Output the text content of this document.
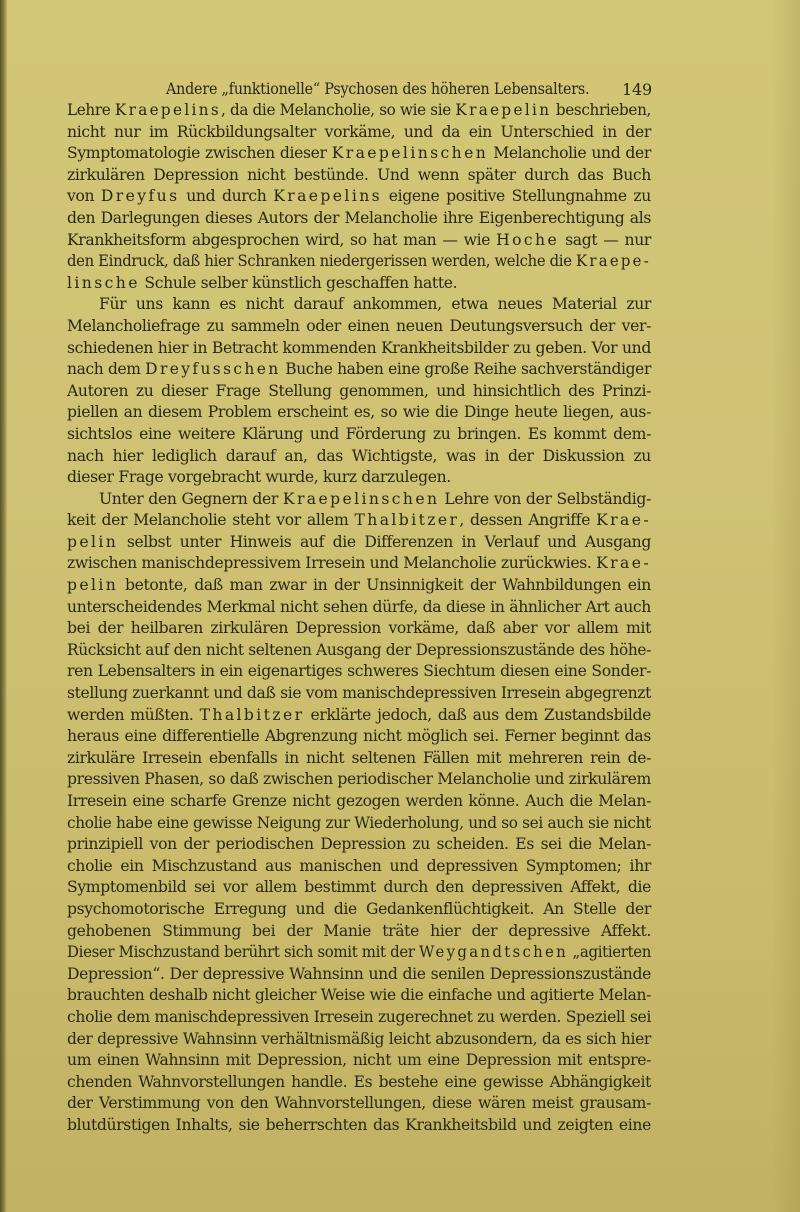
Andere „funktionelle“ Psychosen des höheren Lebensalters. 149
Lehre Kraepelins, da die Melancholie, so wie sie Kraepelin beschrieben,
nicht nur im Rückbildungsalter vorkäme, und da ein Unterschied in der
Symptomatologie zwischen dieser Kraepelinschen Melancholie und der
zirkulären Depression nicht bestünde. Und wenn später durch das Buch
von Dreyfus und durch Kraepelins eigene positive Stellungnahme zu
den Darlegungen dieses Autors der Melancholie ihre Eigenberechtigung als
Krankheitsform abgesprochen wird, so hat man — wie Hoche sagt — nur
den Eindruck, daß hier Schranken niedergerissen werden, welche die Kraepe-
linsche Schule selber künstlich geschaffen hatte.
Für uns kann es nicht darauf ankommen, etwa neues Material zur
Melancholiefrage zu sammeln oder einen neuen Deutungsversuch der ver-
schiedenen hier in Betracht kommenden Krankheitsbilder zu geben. Vor und
nach dem Dreyfusschen Buche haben eine große Reihe sachverständiger
Autoren zu dieser Frage Stellung genommen, und hinsichtlich des Prinzi-
piellen an diesem Problem erscheint es, so wie die Dinge heute liegen, aus-
sichtslos eine weitere Klärung und Förderung zu bringen. Es kommt dem-
nach hier lediglich darauf an, das Wichtigste, was in der Diskussion zu
dieser Frage vorgebracht wurde, kurz darzulegen.
Unter den Gegnern der Kraepelinschen Lehre von der Selbständig-
keit der Melancholie steht vor allem Thalbitzer, dessen Angriffe Krae-
pelin selbst unter Hinweis auf die Differenzen in Verlauf und Ausgang
zwischen manischdepressivem Irresein und Melancholie zurückwies. Krae-
pelin betonte, daß man zwar in der Unsinnigkeit der Wahnbildungen ein
unterscheidendes Merkmal nicht sehen dürfe, da diese in ähnlicher Art auch
bei der heilbaren zirkulären Depression vorkäme, daß aber vor allem mit
Rücksicht auf den nicht seltenen Ausgang der Depressionszustände des höhe-
ren Lebensalters in ein eigenartiges schweres Siechtum diesen eine Sonder-
stellung zuerkannt und daß sie vom manischdepressiven Irresein abgegrenzt
werden müßten. Thalbitzer erklärte jedoch, daß aus dem Zustandsbilde
heraus eine differentielle Abgrenzung nicht möglich sei. Ferner beginnt das
zirkuläre Irresein ebenfalls in nicht seltenen Fällen mit mehreren rein de-
pressiven Phasen, so daß zwischen periodischer Melancholie und zirkulärem
Irresein eine scharfe Grenze nicht gezogen werden könne. Auch die Melan-
cholie habe eine gewisse Neigung zur Wiederholung, und so sei auch sie nicht
prinzipiell von der periodischen Depression zu scheiden. Es sei die Melan-
cholie ein Mischzustand aus manischen und depressiven Symptomen; ihr
Symptomenbild sei vor allem bestimmt durch den depressiven Affekt, die
psychomotorische Erregung und die Gedankenflüchtigkeit. An Stelle der
gehobenen Stimmung bei der Manie träte hier der depressive Affekt.
Dieser Mischzustand berührt sich somit mit der Weygandtschen „agitierten
Depression“. Der depressive Wahnsinn und die senilen Depressionszustände
brauchten deshalb nicht gleicher Weise wie die einfache und agitierte Melan-
cholie dem manischdepressiven Irresein zugerechnet zu werden. Speziell sei
der depressive Wahnsinn verhältnismäßig leicht abzusondern, da es sich hier
um einen Wahnsinn mit Depression, nicht um eine Depression mit entspre-
chenden Wahnvorstellungen handle. Es bestehe eine gewisse Abhängigkeit
der Verstimmung von den Wahnvorstellungen, diese wären meist grausam-
blutdürstigen Inhalts, sie beherrschten das Krankheitsbild und zeigten eine
